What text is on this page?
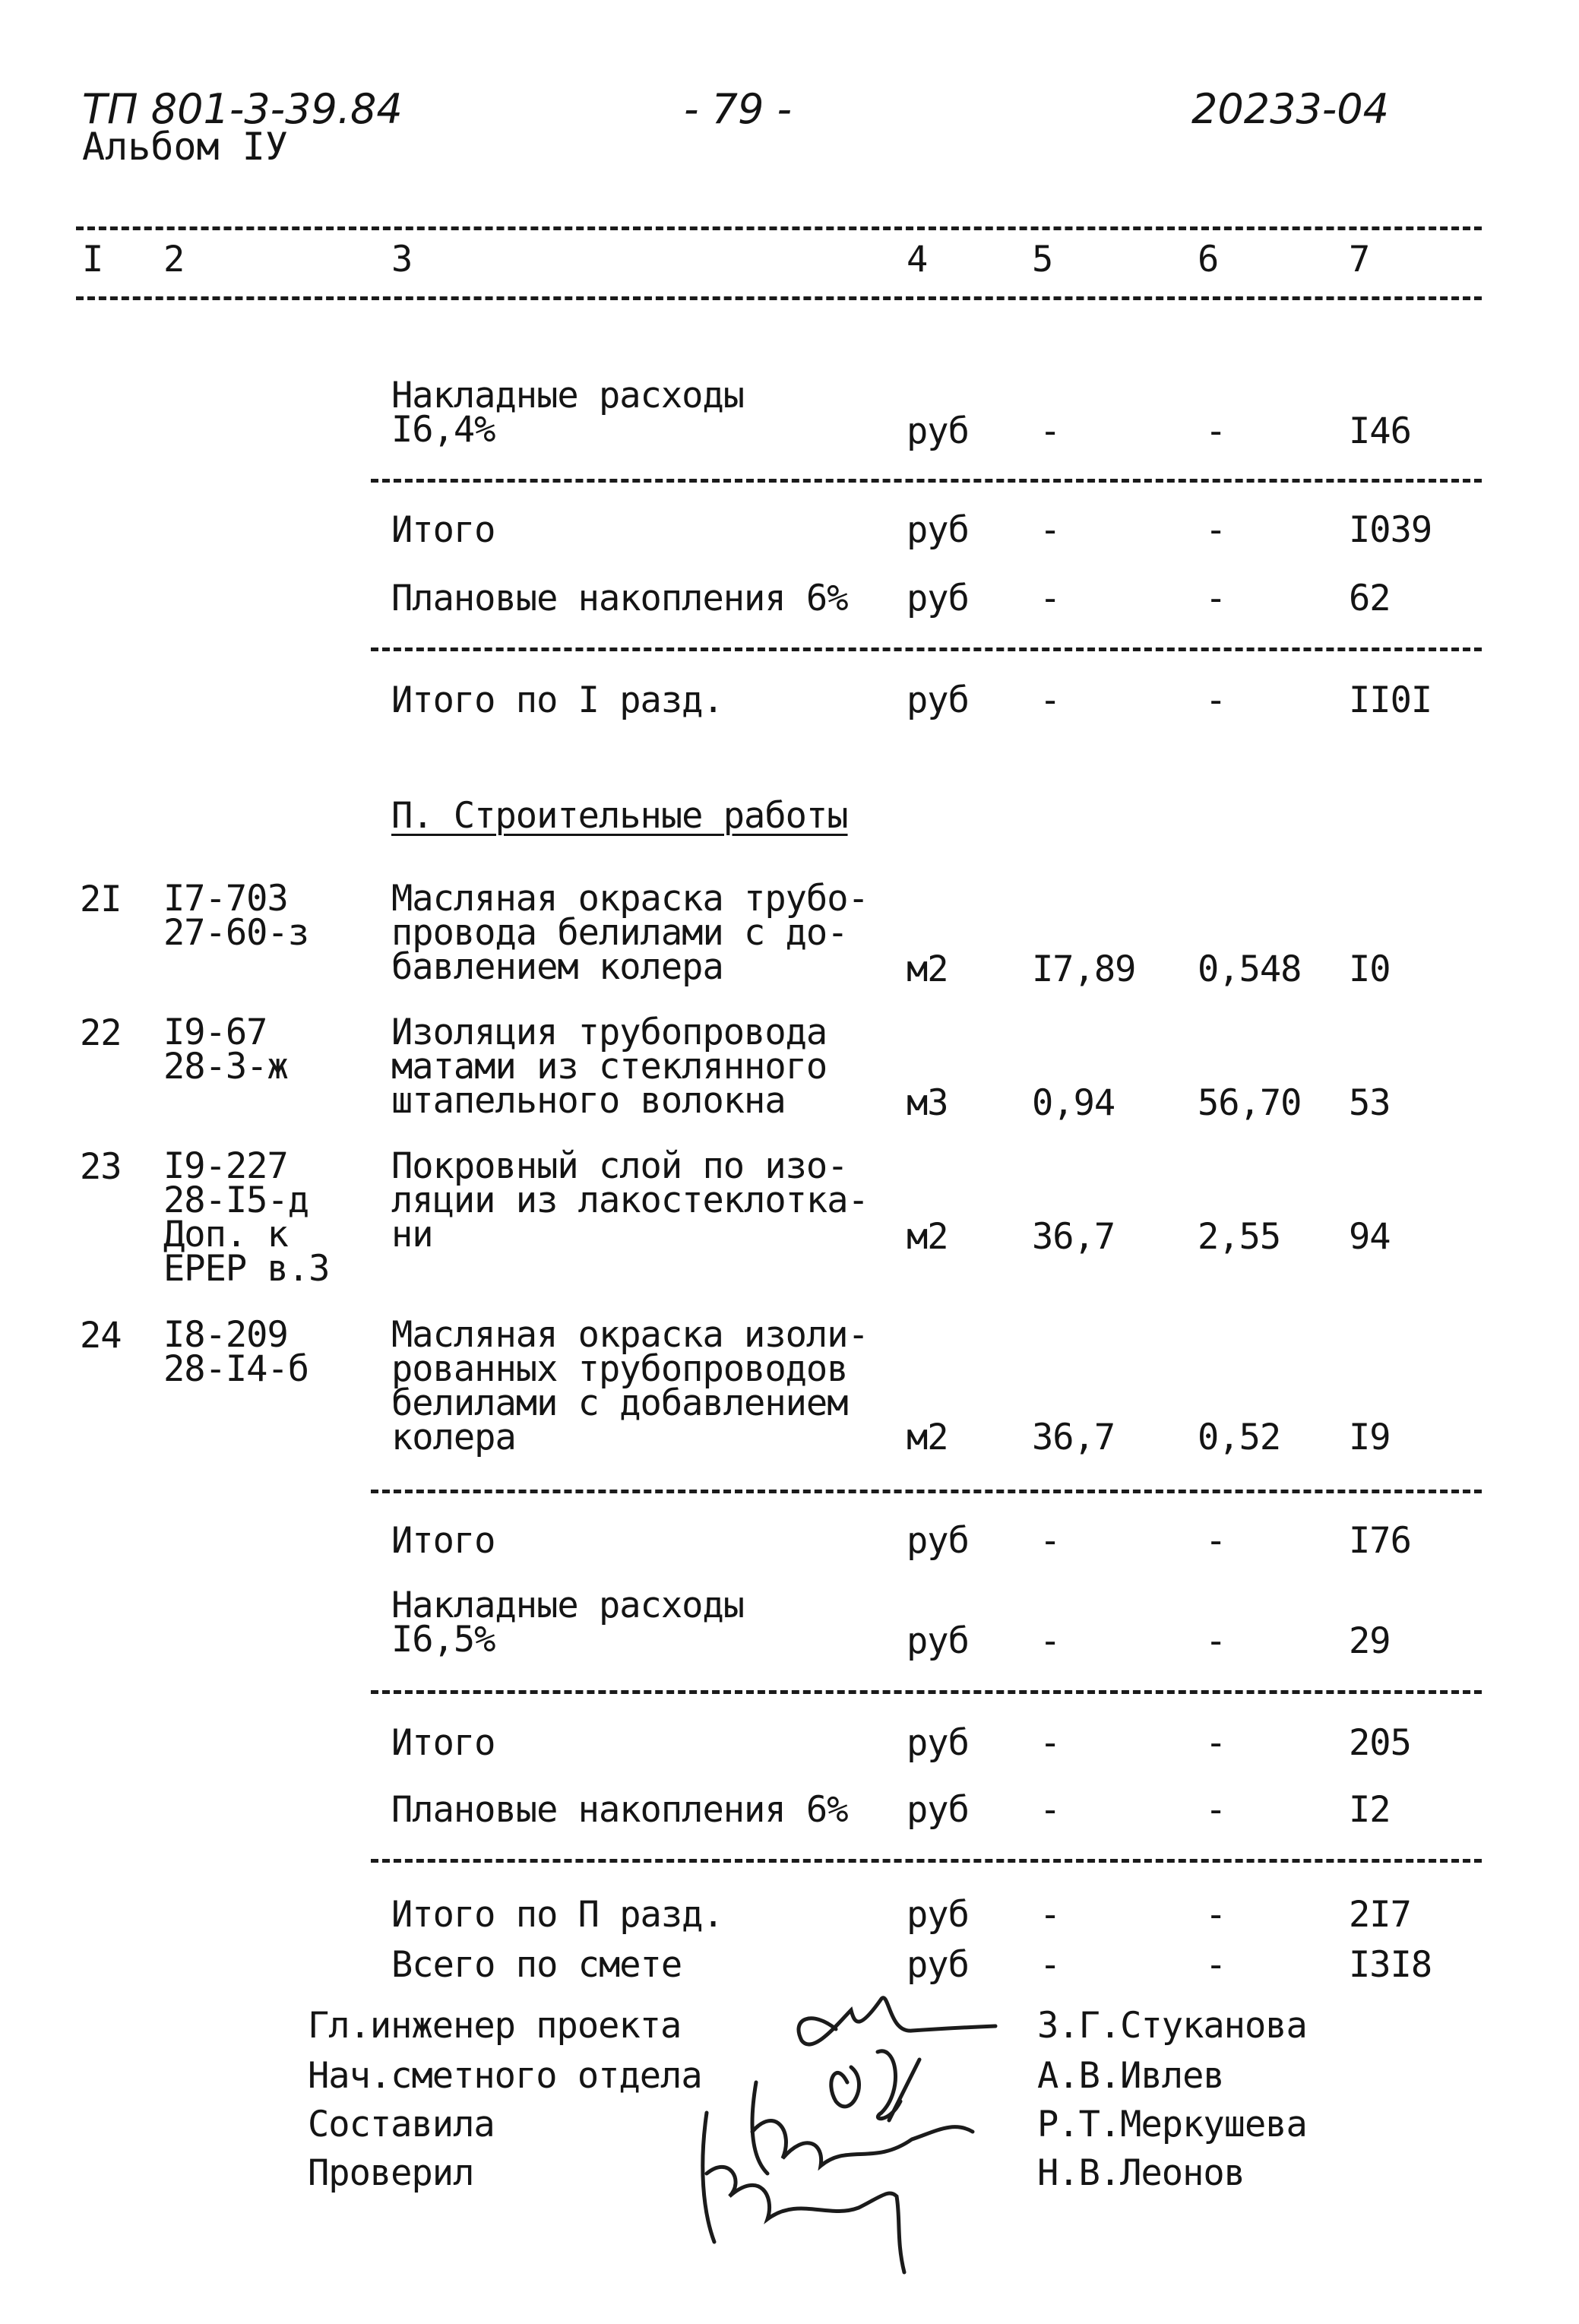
ТП 801-3-39.84
Альбом IУ
- 79 -	20233-04
I 2	3	4	5	6	7
Накладные расходы
I6,4%	руб -	-	I46
Итого	руб -	-	I039
Плановые накопления 6% руб -	-	62
Итого по I разд.	руб -	-	II0I
П. Строительные работы
2I I7-703
27-60-з
Масляная окраска трубо-
провода белилами с до-
бавлением колера	м2 I7,89 0,548 I0
22 I9-67
28-3-ж
Изоляция трубопровода
матами из стеклянного
штапельного волокна	м3 0,94 56,70 53
23 I9-227
28-I5-д
Доп. к
ЕРЕР в.3
Покровный слой по изо-
ляции из лакостеклотка-
ни	м2 36,7 2,55 94
24 I8-209
28-I4-б
Масляная окраска изоли-
рованных трубопроводов
белилами с добавлением
колера	м2 36,7 0,52 I9
Итого	руб -	-	I76
Накладные расходы
I6,5%	руб -	-	29
Итого	руб -	-	205
Плановые накопления 6% руб -	-	I2
Итого по П разд.	руб -	-	2I7
Всего по смете	руб -	-	I3I8
Гл.инженер проекта	З.Г.Стуканова
Нач.сметного отдела	А.В.Ивлев
Составила	Р.Т.Меркушева
Проверил	Н.В.Леонов
